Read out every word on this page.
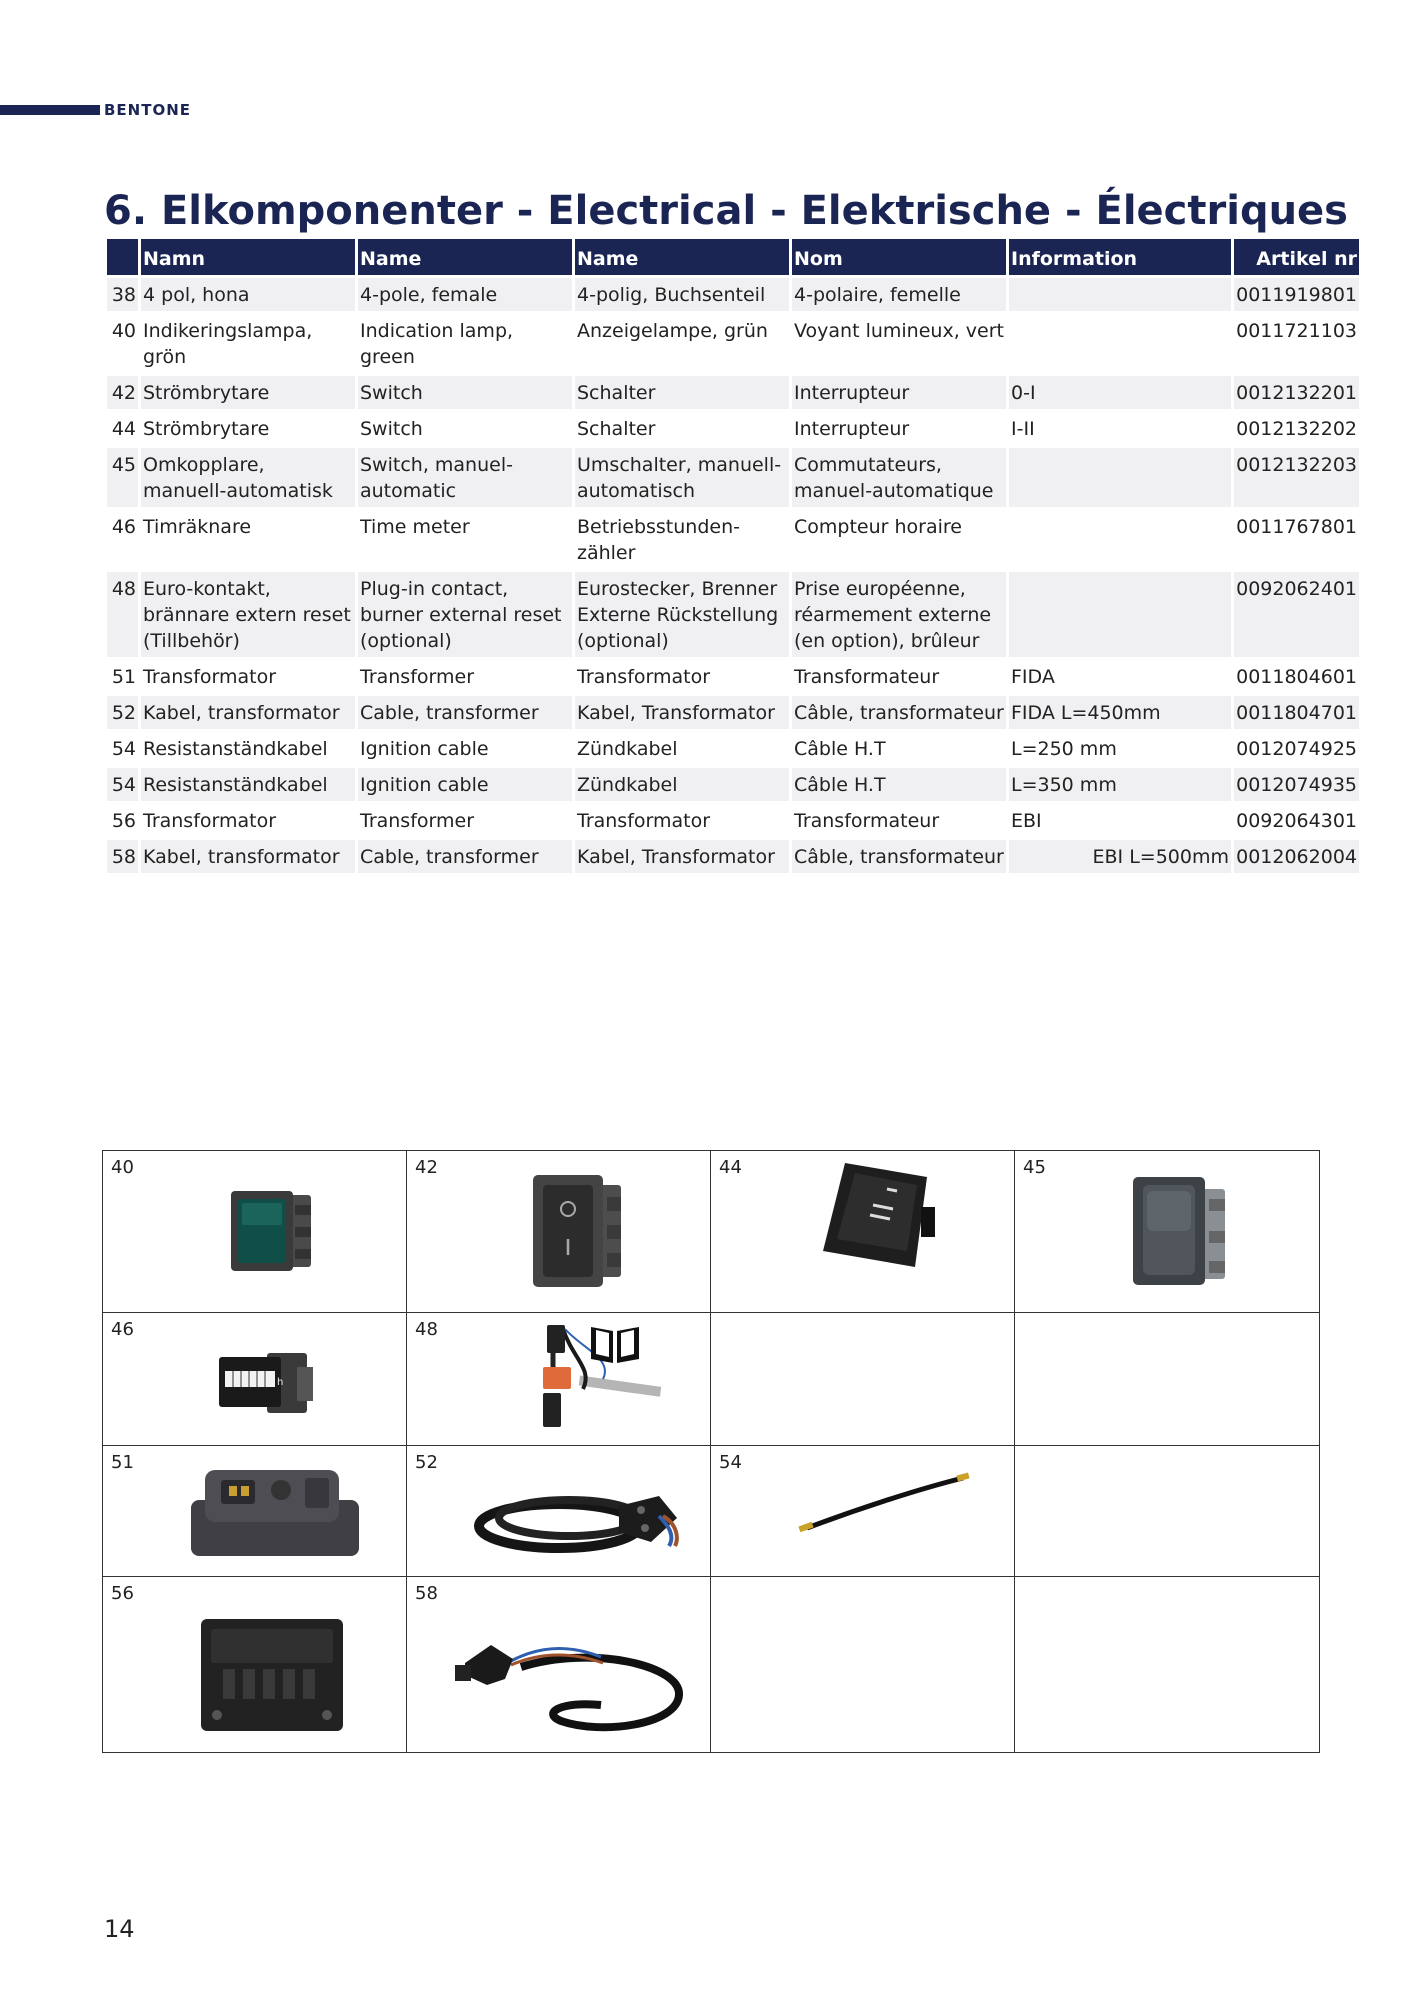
BENTONE
6. Elkomponenter - Electrical - Elektrische - Électriques
	Namn	Name	Name	Nom	Information	Artikel nr
38	4 pol, hona	4-pole, female	4-polig, Buchsenteil	4-polaire, femelle		0011919801
40	Indikeringslampa, grön	Indication lamp, green	Anzeigelampe, grün	Voyant lumineux, vert		0011721103
42	Strömbrytare	Switch	Schalter	Interrupteur	0-I	0012132201
44	Strömbrytare	Switch	Schalter	Interrupteur	I-II	0012132202
45	Omkopplare, manuell-automatisk	Switch, manuel-automatic	Umschalter, manuell-automatisch	Commutateurs, manuel-automatique		0012132203
46	Timräknare	Time meter	Betriebsstunden-zähler	Compteur horaire		0011767801
48	Euro-kontakt, brännare extern reset (Tillbehör)	Plug-in contact, burner external reset (optional)	Eurostecker, Brenner Externe Rückstellung (optional)	Prise européenne, réarmement externe (en option), brûleur		0092062401
51	Transformator	Transformer	Transformator	Transformateur	FIDA	0011804601
52	Kabel, transformator	Cable, transformer	Kabel, Transformator	Câble, transformateur	FIDA L=450mm	0011804701
54	Resistanständkabel	Ignition cable	Zündkabel	Câble H.T	L=250 mm	0012074925
54	Resistanständkabel	Ignition cable	Zündkabel	Câble H.T	L=350 mm	0012074935
56	Transformator	Transformer	Transformator	Transformateur	EBI	0092064301
58	Kabel, transformator	Cable, transformer	Kabel, Transformator	Câble, transformateur	EBI L=500mm	0012062004
40	42	44	45

46
h	48		

51	52	54	

56	58		

14
